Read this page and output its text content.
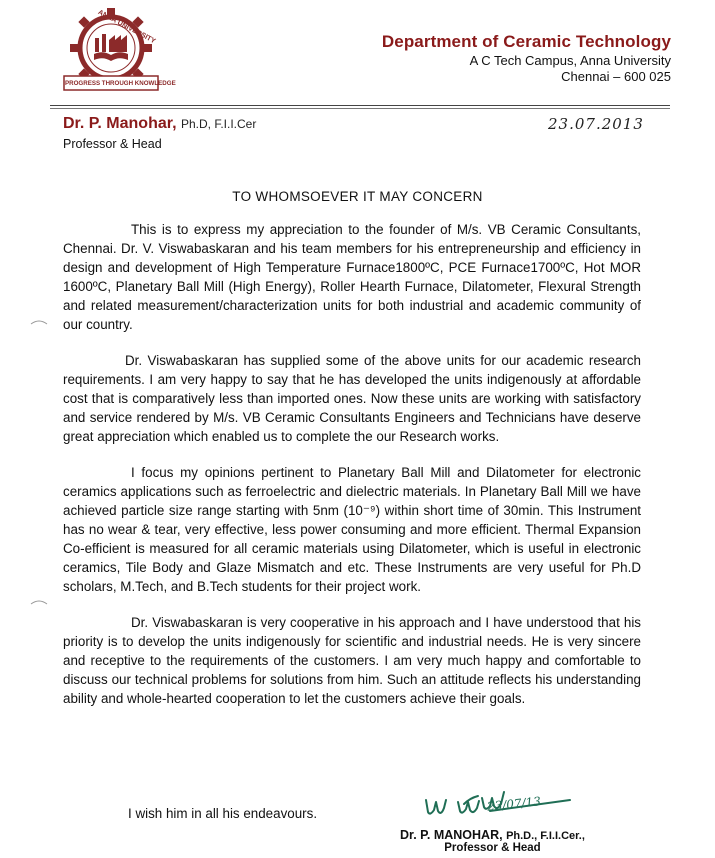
ANNA UNIVERSITY
PROGRESS THROUGH KNOWLEDGE
Department of Ceramic Technology
A C Tech Campus, Anna University
Chennai – 600 025
Dr. P. Manohar, Ph.D, F.I.I.Cer
Professor & Head
23.07.2013
TO WHOMSOEVER IT MAY CONCERN

This is to express my appreciation to the founder of M/s. VB Ceramic Consultants, Chennai. Dr. V. Viswabaskaran and his team members for his entrepreneurship and efficiency in design and development of High Temperature Furnace1800ºC, PCE Furnace1700ºC, Hot MOR 1600ºC, Planetary Ball Mill (High Energy), Roller Hearth Furnace, Dilatometer, Flexural Strength and related measurement/characterization units for both industrial and academic community of our country.

Dr. Viswabaskaran has supplied some of the above units for our academic research requirements. I am very happy to say that he has developed the units indigenously at affordable cost that is comparatively less than imported ones. Now these units are working with satisfactory and service rendered by M/s. VB Ceramic Consultants Engineers and Technicians have deserve great appreciation which enabled us to complete the our Research works.

I focus my opinions pertinent to Planetary Ball Mill and Dilatometer for electronic ceramics applications such as ferroelectric and dielectric materials. In Planetary Ball Mill we have achieved particle size range starting with 5nm (10⁻⁹) within short time of 30min. This Instrument has no wear & tear, very effective, less power consuming and more efficient. Thermal Expansion Co-efficient is measured for all ceramic materials using Dilatometer, which is useful in electronic ceramics, Tile Body and Glaze Mismatch and etc. These Instruments are very useful for Ph.D scholars, M.Tech, and B.Tech students for their project work.

Dr. Viswabaskaran is very cooperative in his approach and I have understood that his priority is to develop the units indigenously for scientific and industrial needs. He is very sincere and receptive to the requirements of the customers. I am very much happy and comfortable to discuss our technical problems for solutions from him. Such an attitude reflects his understanding ability and whole-hearted cooperation to let the customers achieve their goals.

I wish him in all his endeavours.	23/07/13
Dr. P. MANOHAR, Ph.D., F.I.I.Cer.,
Professor & Head
